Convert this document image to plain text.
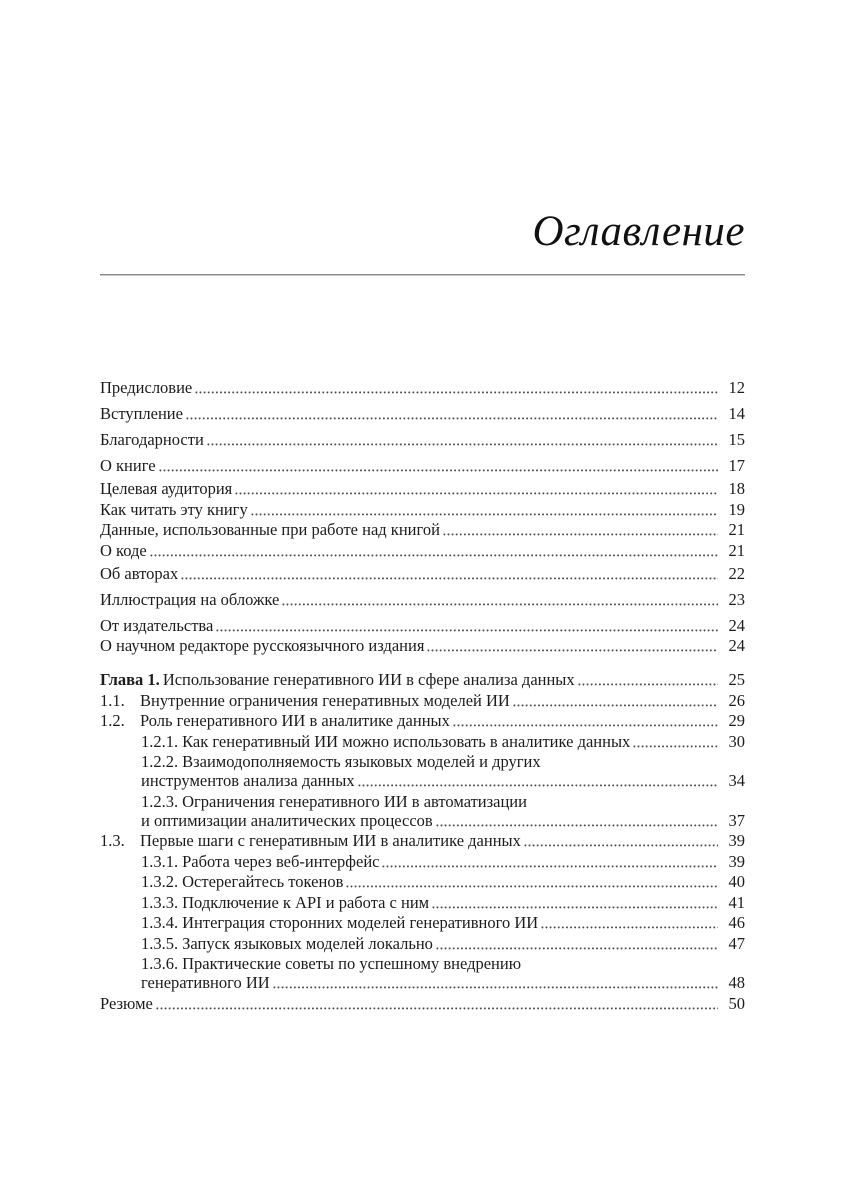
Оглавление
Предисловие	12
Вступление	14
Благодарности	15
О книге	17
Целевая аудитория	18
Как читать эту книгу	19
Данные, использованные при работе над книгой	21
О коде	21
Об авторах	22
Иллюстрация на обложке	23
От издательства	24
О научном редакторе русскоязычного издания	24
Глава 1. Использование генеративного ИИ в сфере анализа данных	25
1.1. Внутренние ограничения генеративных моделей ИИ	26
1.2. Роль генеративного ИИ в аналитике данных	29
1.2.1. Как генеративный ИИ можно использовать в аналитике данных	30
1.2.2. Взаимодополняемость языковых моделей и других
инструментов анализа данных	34
1.2.3. Ограничения генеративного ИИ в автоматизации
и оптимизации аналитических процессов	37
1.3. Первые шаги с генеративным ИИ в аналитике данных	39
1.3.1. Работа через веб-интерфейс	39
1.3.2. Остерегайтесь токенов	40
1.3.3. Подключение к API и работа с ним	41
1.3.4. Интеграция сторонних моделей генеративного ИИ	46
1.3.5. Запуск языковых моделей локально	47
1.3.6. Практические советы по успешному внедрению
генеративного ИИ	48
Резюме	50
